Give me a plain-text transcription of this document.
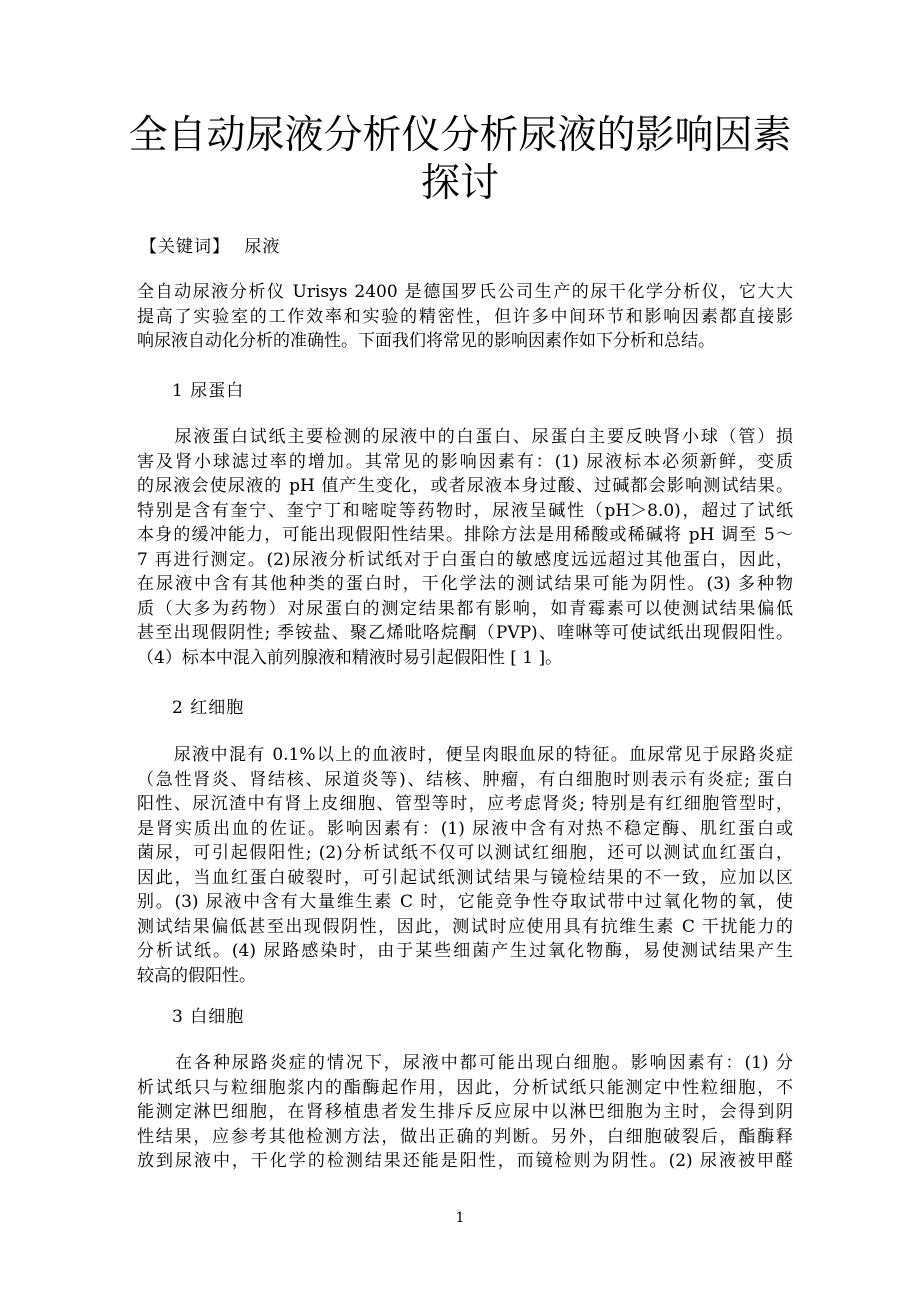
全自动尿液分析仪分析尿液的影响因素
探讨
【关键词】 尿液
全自动尿液分析仪 Urisys 2400 是德国罗氏公司生产的尿干化学分析仪，它大大
提高了实验室的工作效率和实验的精密性，但许多中间环节和影响因素都直接影
响尿液自动化分析的准确性。下面我们将常见的影响因素作如下分析和总结。
1 尿蛋白
　　尿液蛋白试纸主要检测的尿液中的白蛋白、尿蛋白主要反映肾小球（管）损
害及肾小球滤过率的增加。其常见的影响因素有：(1) 尿液标本必须新鲜，变质
的尿液会使尿液的 pH 值产生变化，或者尿液本身过酸、过碱都会影响测试结果。
特别是含有奎宁、奎宁丁和嘧啶等药物时，尿液呈碱性（pH＞8.0)，超过了试纸
本身的缓冲能力，可能出现假阳性结果。排除方法是用稀酸或稀碱将 pH 调至 5～
7 再进行测定。(2)尿液分析试纸对于白蛋白的敏感度远远超过其他蛋白，因此，
在尿液中含有其他种类的蛋白时，干化学法的测试结果可能为阴性。(3) 多种物
质（大多为药物）对尿蛋白的测定结果都有影响，如青霉素可以使测试结果偏低
甚至出现假阴性; 季铵盐、聚乙烯吡咯烷酮（PVP)、喹啉等可使试纸出现假阳性。
（4）标本中混入前列腺液和精液时易引起假阳性 [ 1 ]。
2 红细胞
　　尿液中混有 0.1%以上的血液时，便呈肉眼血尿的特征。血尿常见于尿路炎症
（急性肾炎、肾结核、尿道炎等)、结核、肿瘤，有白细胞时则表示有炎症; 蛋白
阳性、尿沉渣中有肾上皮细胞、管型等时，应考虑肾炎; 特别是有红细胞管型时，
是肾实质出血的佐证。影响因素有：(1) 尿液中含有对热不稳定酶、肌红蛋白或
菌尿，可引起假阳性; (2)分析试纸不仅可以测试红细胞，还可以测试血红蛋白，
因此，当血红蛋白破裂时，可引起试纸测试结果与镜检结果的不一致，应加以区
别。(3) 尿液中含有大量维生素 C 时，它能竞争性夺取试带中过氧化物的氧，使
测试结果偏低甚至出现假阴性，因此，测试时应使用具有抗维生素 C 干扰能力的
分析试纸。(4) 尿路感染时，由于某些细菌产生过氧化物酶，易使测试结果产生
较高的假阳性。
3 白细胞
　　在各种尿路炎症的情况下，尿液中都可能出现白细胞。影响因素有：(1) 分
析试纸只与粒细胞浆内的酯酶起作用，因此，分析试纸只能测定中性粒细胞，不
能测定淋巴细胞，在肾移植患者发生排斥反应尿中以淋巴细胞为主时，会得到阴
性结果，应参考其他检测方法，做出正确的判断。另外，白细胞破裂后，酯酶释
放到尿液中，干化学的检测结果还能是阳性，而镜检则为阴性。(2) 尿液被甲醛
1
